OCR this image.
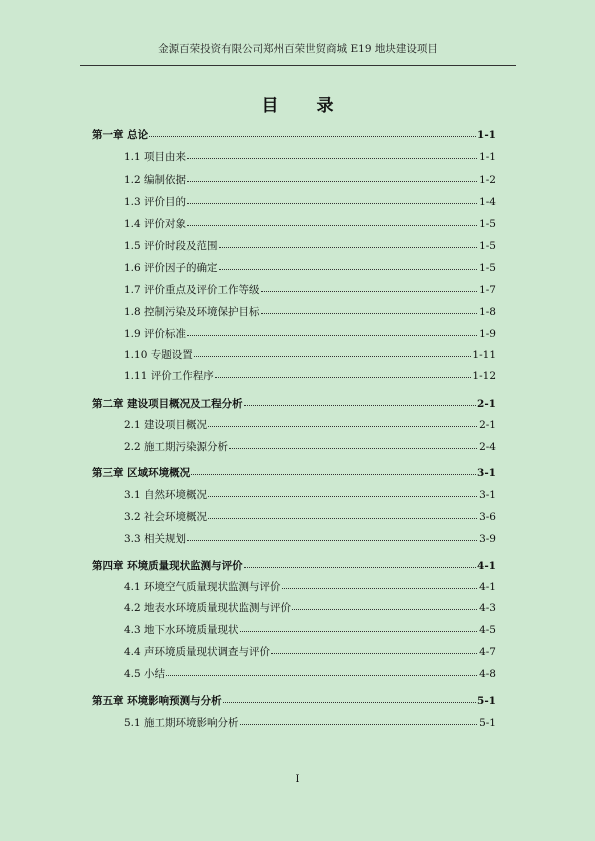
金源百荣投资有限公司郑州百荣世贸商城 E19 地块建设项目
目 录
第一章 总论	1-1
1.1 项目由来	1-1
1.2 编制依据	1-2
1.3 评价目的	1-4
1.4 评价对象	1-5
1.5 评价时段及范围	1-5
1.6 评价因子的确定	1-5
1.7 评价重点及评价工作等级	1-7
1.8 控制污染及环境保护目标	1-8
1.9 评价标准	1-9
1.10 专题设置	1-11
1.11 评价工作程序	1-12
第二章 建设项目概况及工程分析	2-1
2.1 建设项目概况	2-1
2.2 施工期污染源分析	2-4
第三章 区域环境概况	3-1
3.1 自然环境概况	3-1
3.2 社会环境概况	3-6
3.3 相关规划	3-9
第四章 环境质量现状监测与评价	4-1
4.1 环境空气质量现状监测与评价	4-1
4.2 地表水环境质量现状监测与评价	4-3
4.3 地下水环境质量现状	4-5
4.4 声环境质量现状调查与评价	4-7
4.5 小结	4-8
第五章 环境影响预测与分析	5-1
5.1 施工期环境影响分析	5-1
I
